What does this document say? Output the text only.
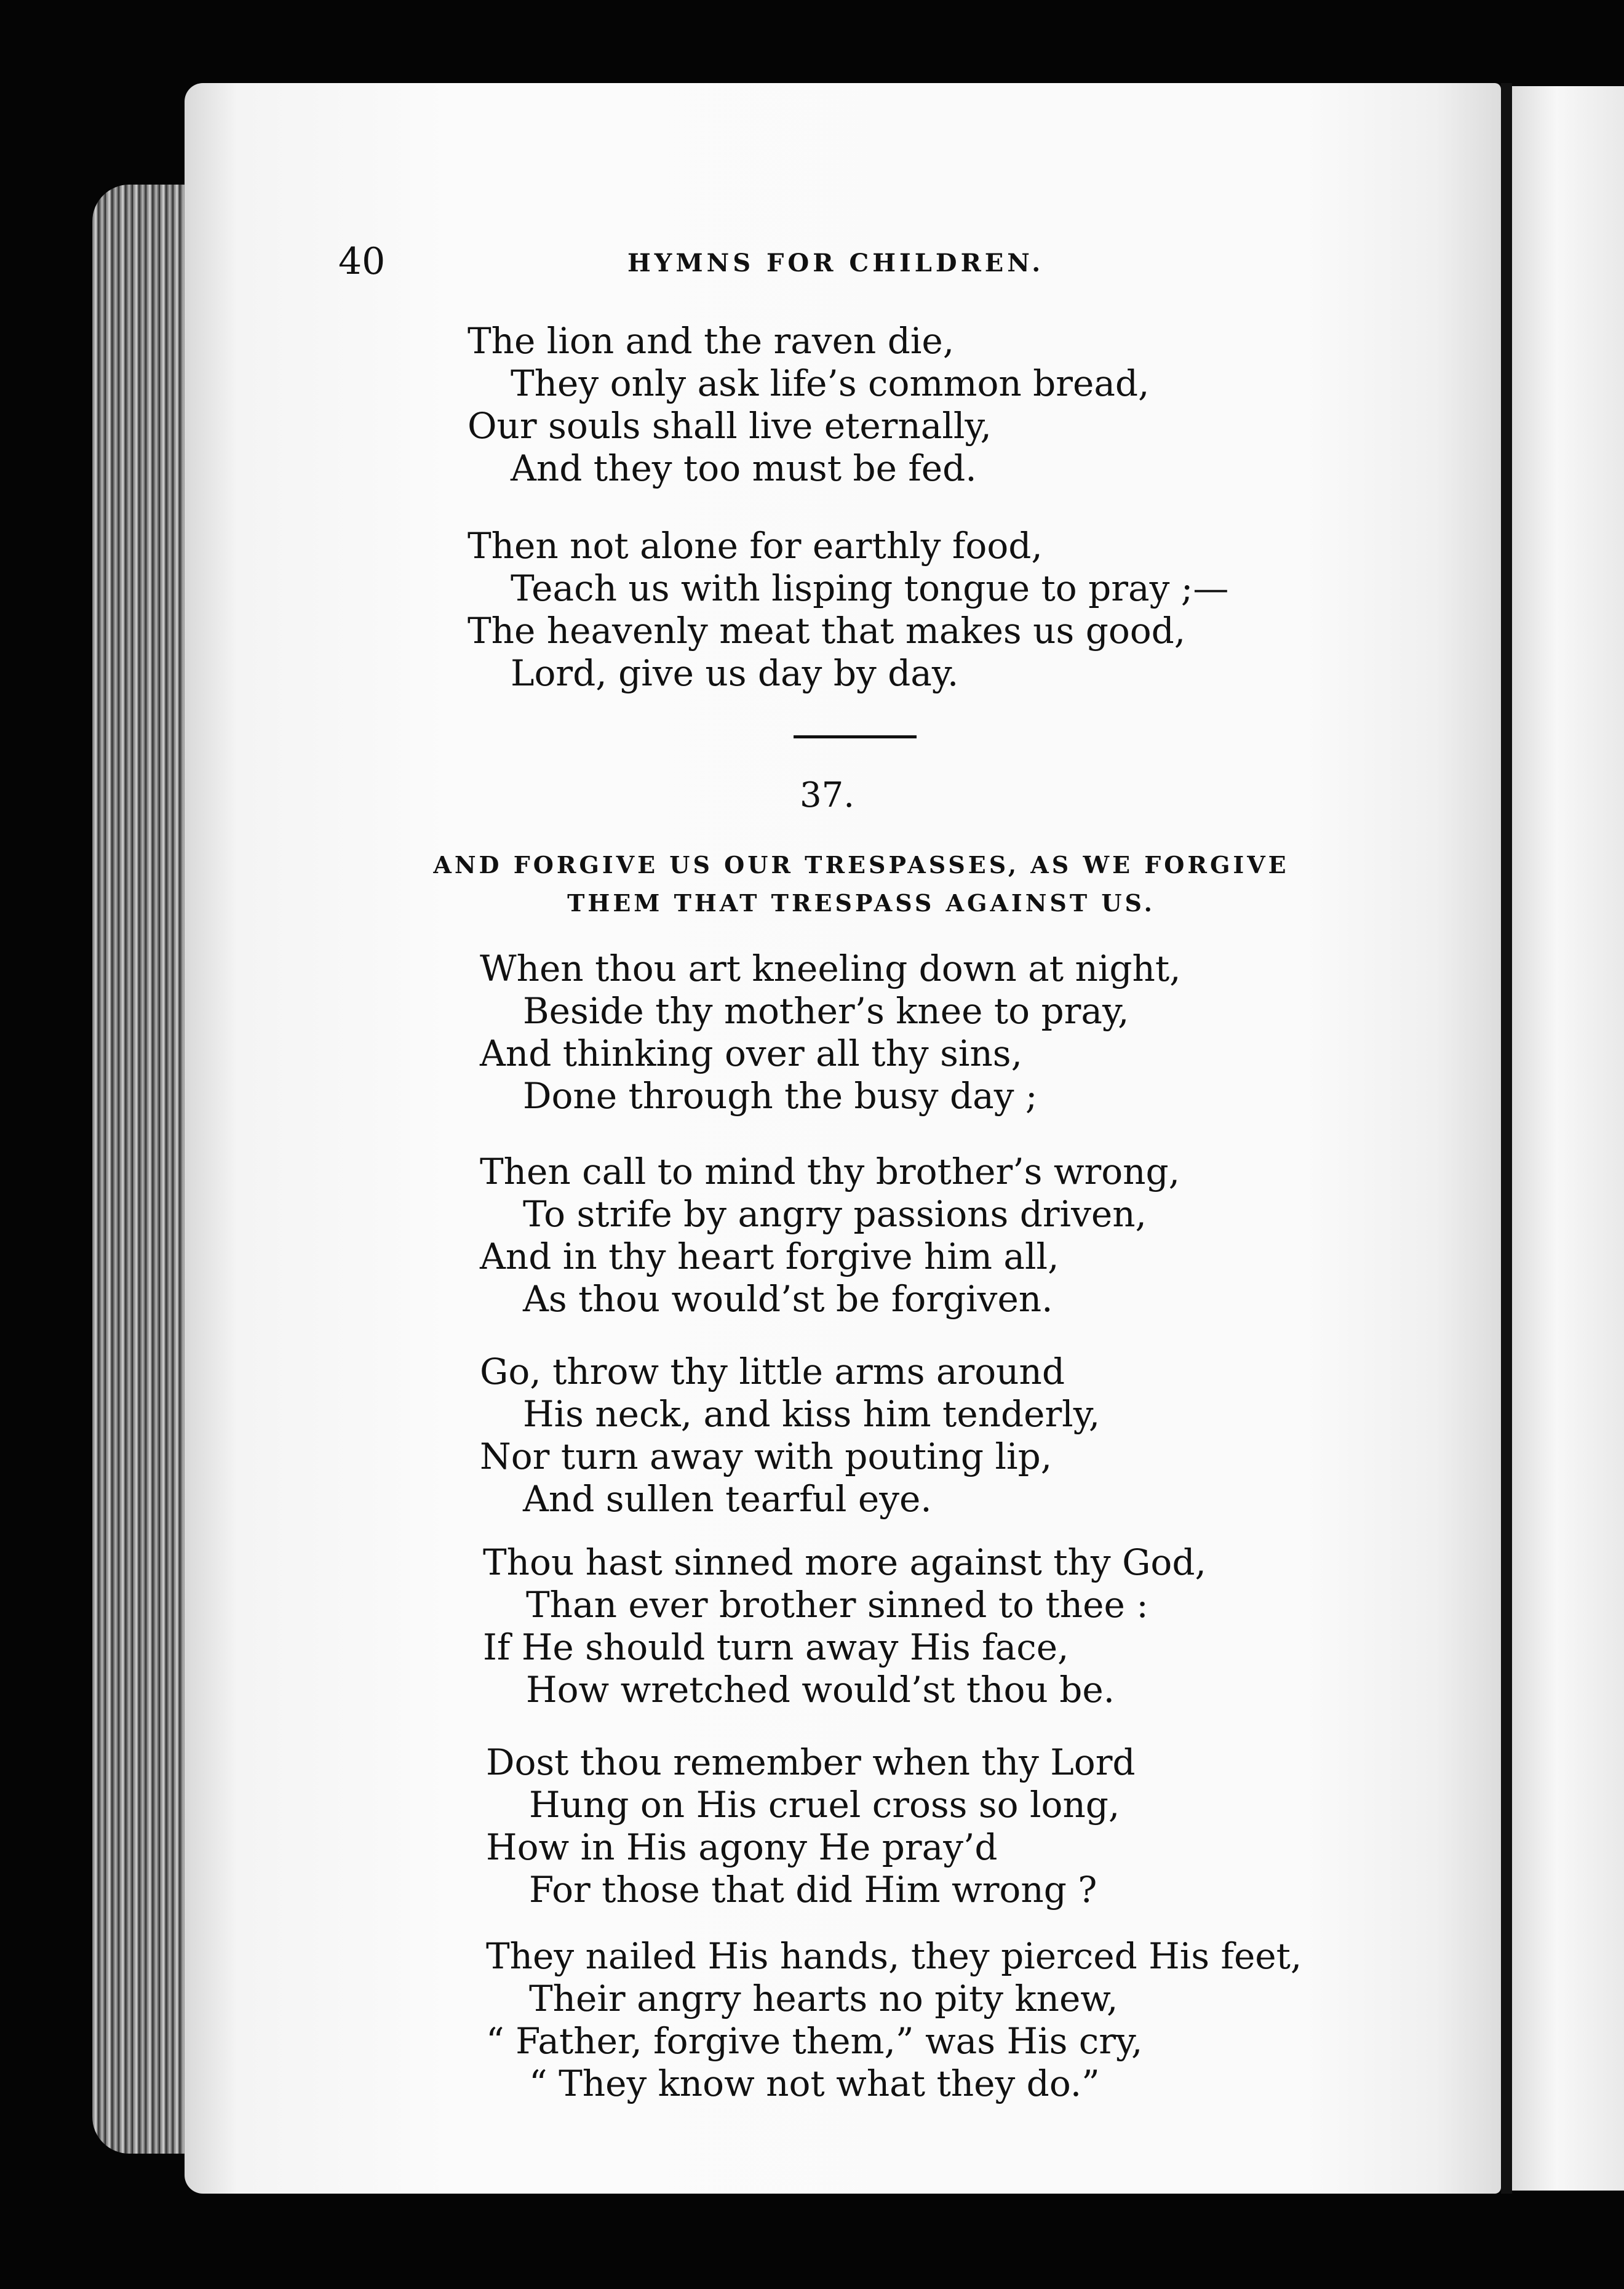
40	HYMNS FOR CHILDREN.
The lion and the raven die,
They only ask life’s common bread,
Our souls shall live eternally,
And they too must be fed.
Then not alone for earthly food,
Teach us with lisping tongue to pray ;—
The heavenly meat that makes us good,
Lord, give us day by day.
37.
AND FORGIVE US OUR TRESPASSES, AS WE FORGIVE
THEM THAT TRESPASS AGAINST US.
When thou art kneeling down at night,
Beside thy mother’s knee to pray,
And thinking over all thy sins,
Done through the busy day ;
Then call to mind thy brother’s wrong,
To strife by angry passions driven,
And in thy heart forgive him all,
As thou would’st be forgiven.
Go, throw thy little arms around
His neck, and kiss him tenderly,
Nor turn away with pouting lip,
And sullen tearful eye.
Thou hast sinned more against thy God,
Than ever brother sinned to thee :
If He should turn away His face,
How wretched would’st thou be.
Dost thou remember when thy Lord
Hung on His cruel cross so long,
How in His agony He pray’d
For those that did Him wrong ?
They nailed His hands, they pierced His feet,
Their angry hearts no pity knew,
“ Father, forgive them,” was His cry,
“ They know not what they do.”
